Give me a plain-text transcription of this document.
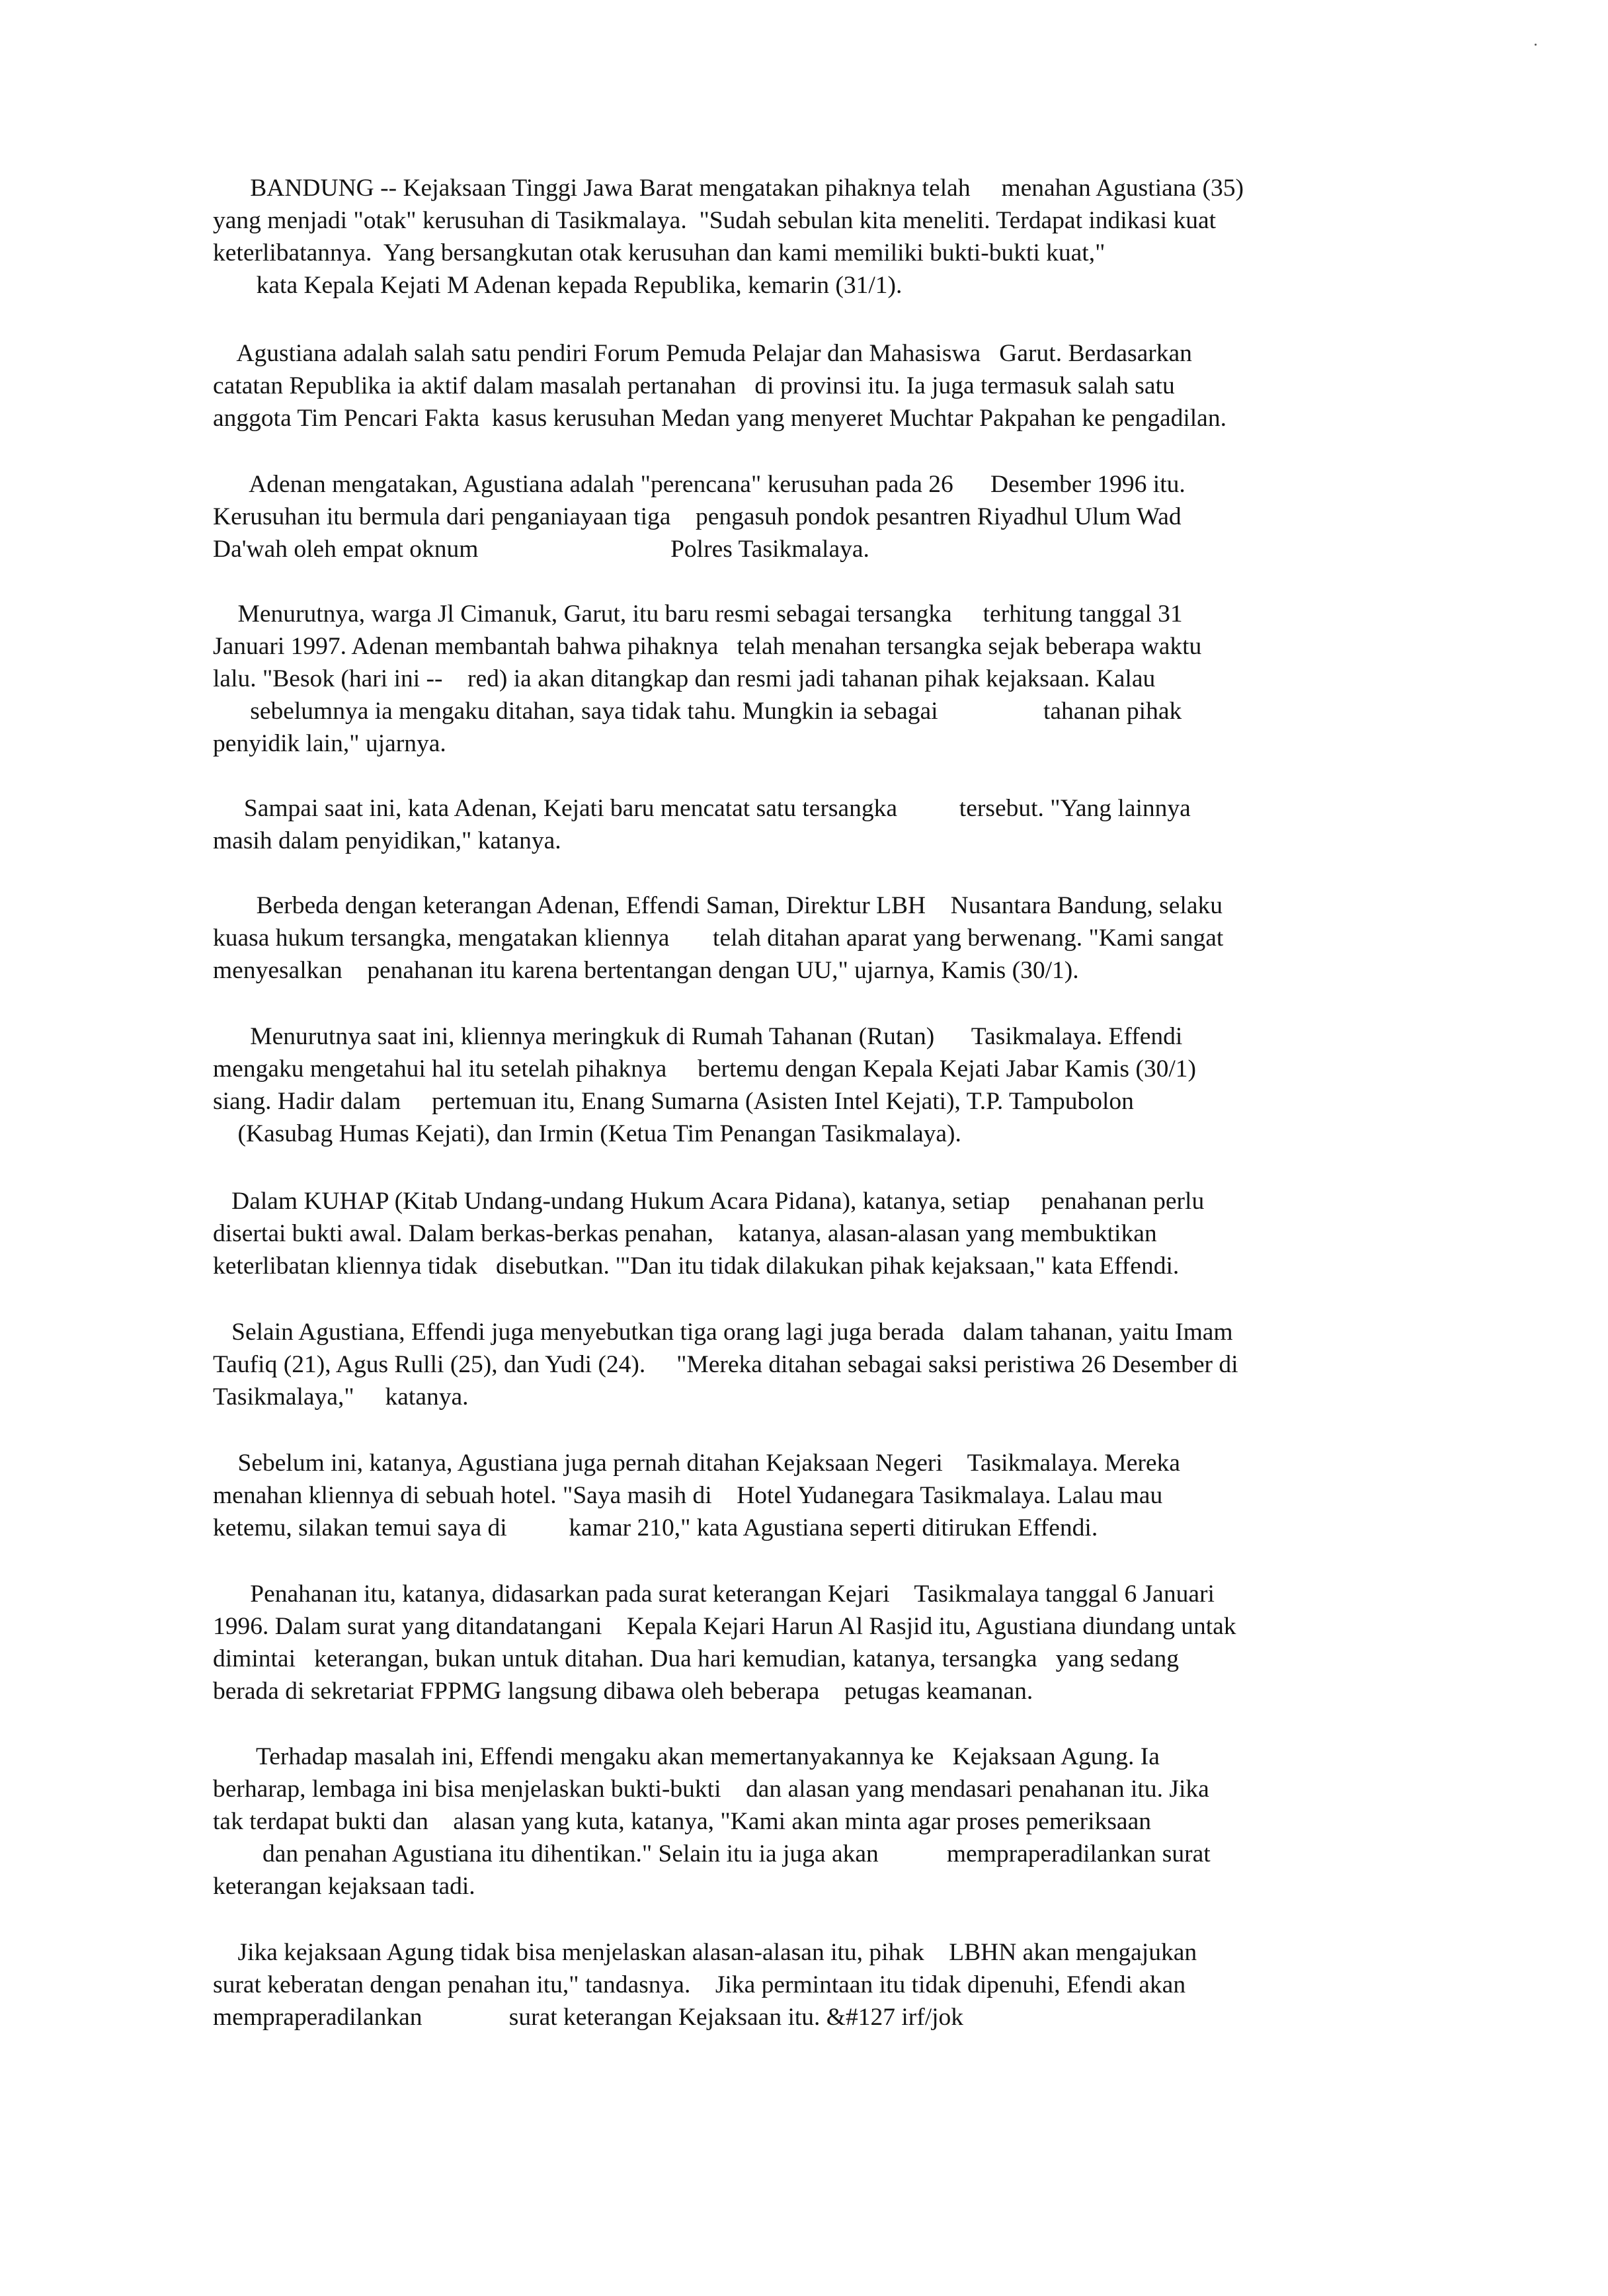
BANDUNG -- Kejaksaan Tinggi Jawa Barat mengatakan pihaknya telah     menahan Agustiana (35)
yang menjadi "otak" kerusuhan di Tasikmalaya.  "Sudah sebulan kita meneliti. Terdapat indikasi kuat
keterlibatannya.  Yang bersangkutan otak kerusuhan dan kami memiliki bukti-bukti kuat,"
kata Kepala Kejati M Adenan kepada Republika, kemarin (31/1).
Agustiana adalah salah satu pendiri Forum Pemuda Pelajar dan Mahasiswa   Garut. Berdasarkan
catatan Republika ia aktif dalam masalah pertanahan   di provinsi itu. Ia juga termasuk salah satu
anggota Tim Pencari Fakta  kasus kerusuhan Medan yang menyeret Muchtar Pakpahan ke pengadilan.
Adenan mengatakan, Agustiana adalah "perencana" kerusuhan pada 26      Desember 1996 itu.
Kerusuhan itu bermula dari penganiayaan tiga    pengasuh pondok pesantren Riyadhul Ulum Wad
Da'wah oleh empat oknum                               Polres Tasikmalaya.
Menurutnya, warga Jl Cimanuk, Garut, itu baru resmi sebagai tersangka     terhitung tanggal 31
Januari 1997. Adenan membantah bahwa pihaknya   telah menahan tersangka sejak beberapa waktu
lalu. "Besok (hari ini --    red) ia akan ditangkap dan resmi jadi tahanan pihak kejaksaan. Kalau
sebelumnya ia mengaku ditahan, saya tidak tahu. Mungkin ia sebagai                 tahanan pihak
penyidik lain," ujarnya.
Sampai saat ini, kata Adenan, Kejati baru mencatat satu tersangka          tersebut. "Yang lainnya
masih dalam penyidikan," katanya.
Berbeda dengan keterangan Adenan, Effendi Saman, Direktur LBH    Nusantara Bandung, selaku
kuasa hukum tersangka, mengatakan kliennya       telah ditahan aparat yang berwenang. "Kami sangat
menyesalkan    penahanan itu karena bertentangan dengan UU," ujarnya, Kamis (30/1).
Menurutnya saat ini, kliennya meringkuk di Rumah Tahanan (Rutan)      Tasikmalaya. Effendi
mengaku mengetahui hal itu setelah pihaknya     bertemu dengan Kepala Kejati Jabar Kamis (30/1)
siang. Hadir dalam     pertemuan itu, Enang Sumarna (Asisten Intel Kejati), T.P. Tampubolon
(Kasubag Humas Kejati), dan Irmin (Ketua Tim Penangan Tasikmalaya).
Dalam KUHAP (Kitab Undang-undang Hukum Acara Pidana), katanya, setiap     penahanan perlu
disertai bukti awal. Dalam berkas-berkas penahan,    katanya, alasan-alasan yang membuktikan
keterlibatan kliennya tidak   disebutkan. '"Dan itu tidak dilakukan pihak kejaksaan," kata Effendi.
Selain Agustiana, Effendi juga menyebutkan tiga orang lagi juga berada   dalam tahanan, yaitu Imam
Taufiq (21), Agus Rulli (25), dan Yudi (24).     "Mereka ditahan sebagai saksi peristiwa 26 Desember di
Tasikmalaya,"     katanya.
Sebelum ini, katanya, Agustiana juga pernah ditahan Kejaksaan Negeri    Tasikmalaya. Mereka
menahan kliennya di sebuah hotel. "Saya masih di    Hotel Yudanegara Tasikmalaya. Lalau mau
ketemu, silakan temui saya di          kamar 210," kata Agustiana seperti ditirukan Effendi.
Penahanan itu, katanya, didasarkan pada surat keterangan Kejari    Tasikmalaya tanggal 6 Januari
1996. Dalam surat yang ditandatangani    Kepala Kejari Harun Al Rasjid itu, Agustiana diundang untak
dimintai   keterangan, bukan untuk ditahan. Dua hari kemudian, katanya, tersangka   yang sedang
berada di sekretariat FPPMG langsung dibawa oleh beberapa    petugas keamanan.
Terhadap masalah ini, Effendi mengaku akan memertanyakannya ke   Kejaksaan Agung. Ia
berharap, lembaga ini bisa menjelaskan bukti-bukti    dan alasan yang mendasari penahanan itu. Jika
tak terdapat bukti dan    alasan yang kuta, katanya, "Kami akan minta agar proses pemeriksaan
dan penahan Agustiana itu dihentikan." Selain itu ia juga akan           mempraperadilankan surat
keterangan kejaksaan tadi.
Jika kejaksaan Agung tidak bisa menjelaskan alasan-alasan itu, pihak    LBHN akan mengajukan
surat keberatan dengan penahan itu," tandasnya.    Jika permintaan itu tidak dipenuhi, Efendi akan
mempraperadilankan              surat keterangan Kejaksaan itu. &#127 irf/jok
